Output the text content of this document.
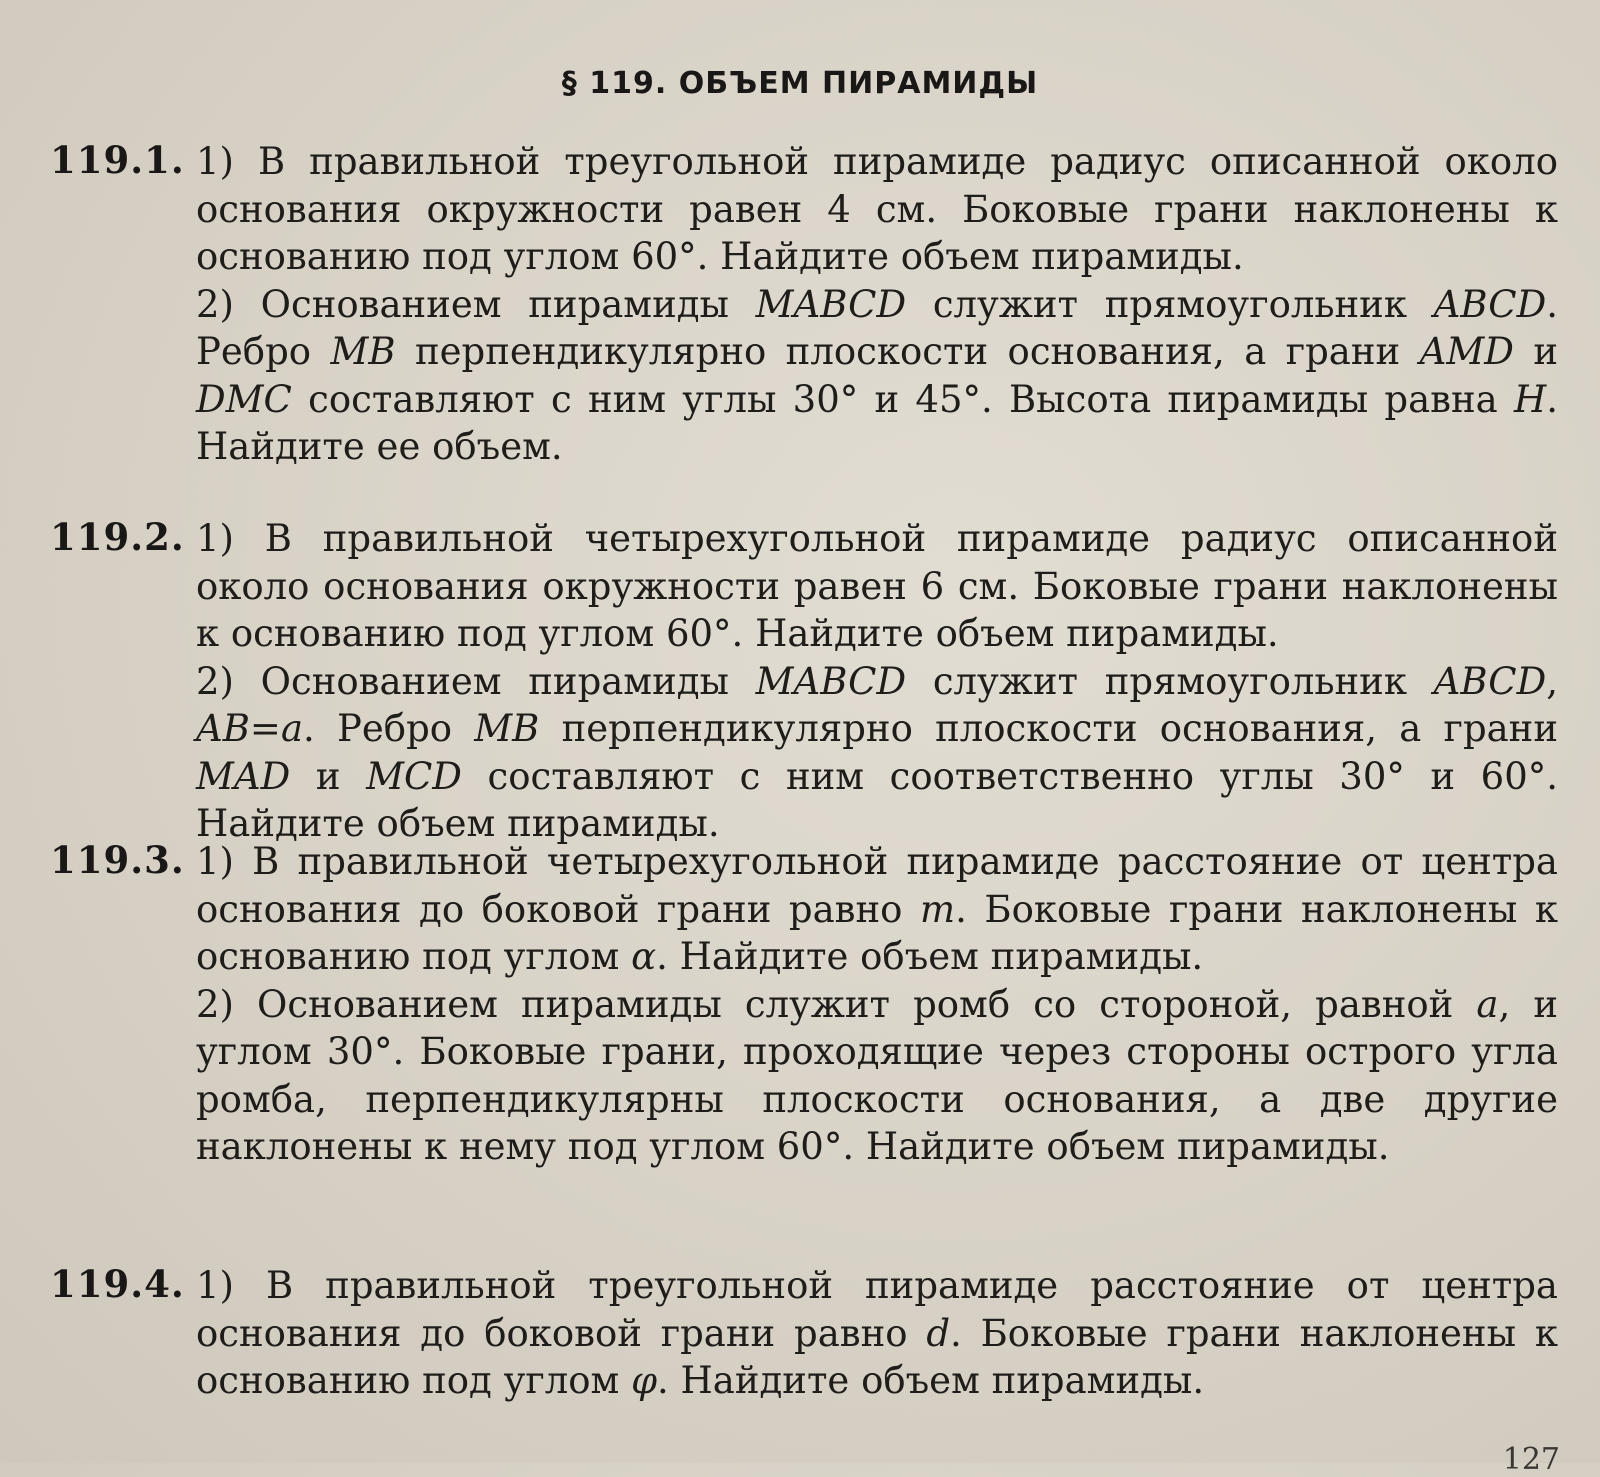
§ 119. ОБЪЕМ ПИРАМИДЫ
119.1. 1) В правильной треугольной пирамиде радиус описанной около основания окружности равен 4 см. Боковые грани наклонены к основанию под углом 60°. Найдите объем пирамиды.
2) Основанием пирамиды MABCD служит прямоугольник ABCD. Ребро MB перпендикулярно плоскости основания, а грани AMD и DMC составляют с ним углы 30° и 45°. Высота пирамиды равна H. Найдите ее объем.
119.2. 1) В правильной четырехугольной пирамиде радиус описанной около основания окружности равен 6 см. Боковые грани наклонены к основанию под углом 60°. Найдите объем пирамиды.
2) Основанием пирамиды MABCD служит прямоугольник ABCD, AB=a. Ребро MB перпендикулярно плоскости основания, а грани MAD и MCD составляют с ним соответственно углы 30° и 60°. Найдите объем пирамиды.
119.3. 1) В правильной четырехугольной пирамиде расстояние от центра основания до боковой грани равно m. Боковые грани наклонены к основанию под углом α. Найдите объем пирамиды.
2) Основанием пирамиды служит ромб со стороной, равной a, и углом 30°. Боковые грани, проходящие через стороны острого угла ромба, перпендикулярны плоскости основания, а две другие наклонены к нему под углом 60°. Найдите объем пирамиды.
119.4. 1) В правильной треугольной пирамиде расстояние от центра основания до боковой грани равно d. Боковые грани наклонены к основанию под углом φ. Найдите объем пирамиды.
127
